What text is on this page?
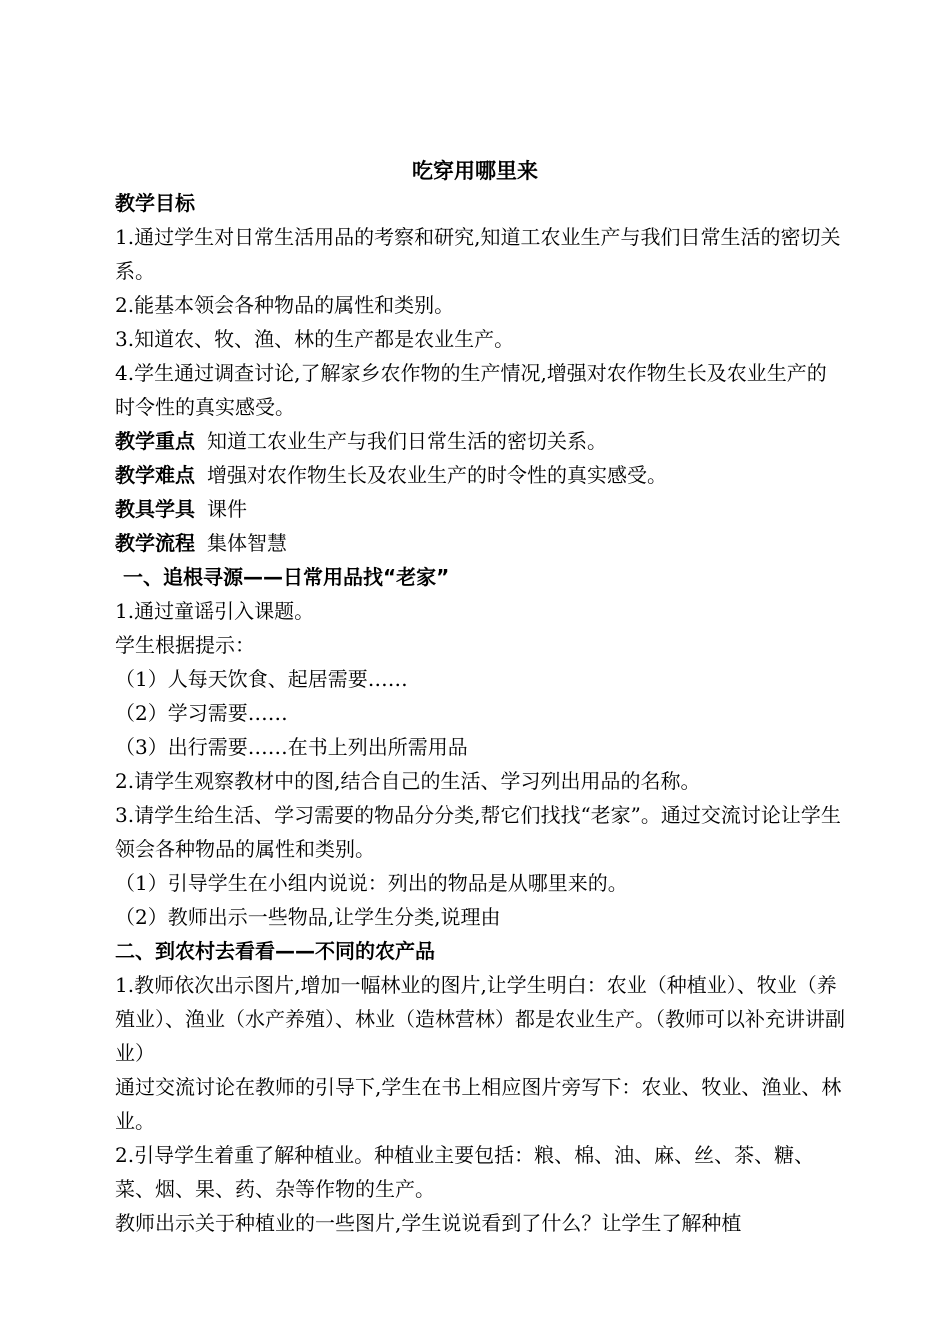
吃穿用哪里来

教学目标

1.通过学生对日常生活用品的考察和研究,知道工农业生产与我们日常生活的密切关系。

2.能基本领会各种物品的属性和类别。

3.知道农、牧、渔、林的生产都是农业生产。

4.学生通过调查讨论,了解家乡农作物的生产情况,增强对农作物生长及农业生产的时令性的真实感受。

教学重点 知道工农业生产与我们日常生活的密切关系。

教学难点 增强对农作物生长及农业生产的时令性的真实感受。

教具学具 课件

教学流程 集体智慧

一、追根寻源——日常用品找“老家”

1.通过童谣引入课题。

学生根据提示：

（1）人每天饮食、起居需要……

（2）学习需要……

（3）出行需要……在书上列出所需用品

2.请学生观察教材中的图,结合自己的生活、学习列出用品的名称。

3.请学生给生活、学习需要的物品分分类,帮它们找找“老家”。通过交流讨论让学生领会各种物品的属性和类别。

（1）引导学生在小组内说说：列出的物品是从哪里来的。

（2）教师出示一些物品,让学生分类,说理由

二、到农村去看看——不同的农产品

1.教师依次出示图片,增加一幅林业的图片,让学生明白：农业（种植业）、牧业（养殖业）、渔业（水产养殖）、林业（造林营林）都是农业生产。（教师可以补充讲讲副业）

通过交流讨论在教师的引导下,学生在书上相应图片旁写下：农业、牧业、渔业、林业。

2.引导学生着重了解种植业。种植业主要包括：粮、棉、油、麻、丝、茶、糖、菜、烟、果、药、杂等作物的生产。

教师出示关于种植业的一些图片,学生说说看到了什么？让学生了解种植
